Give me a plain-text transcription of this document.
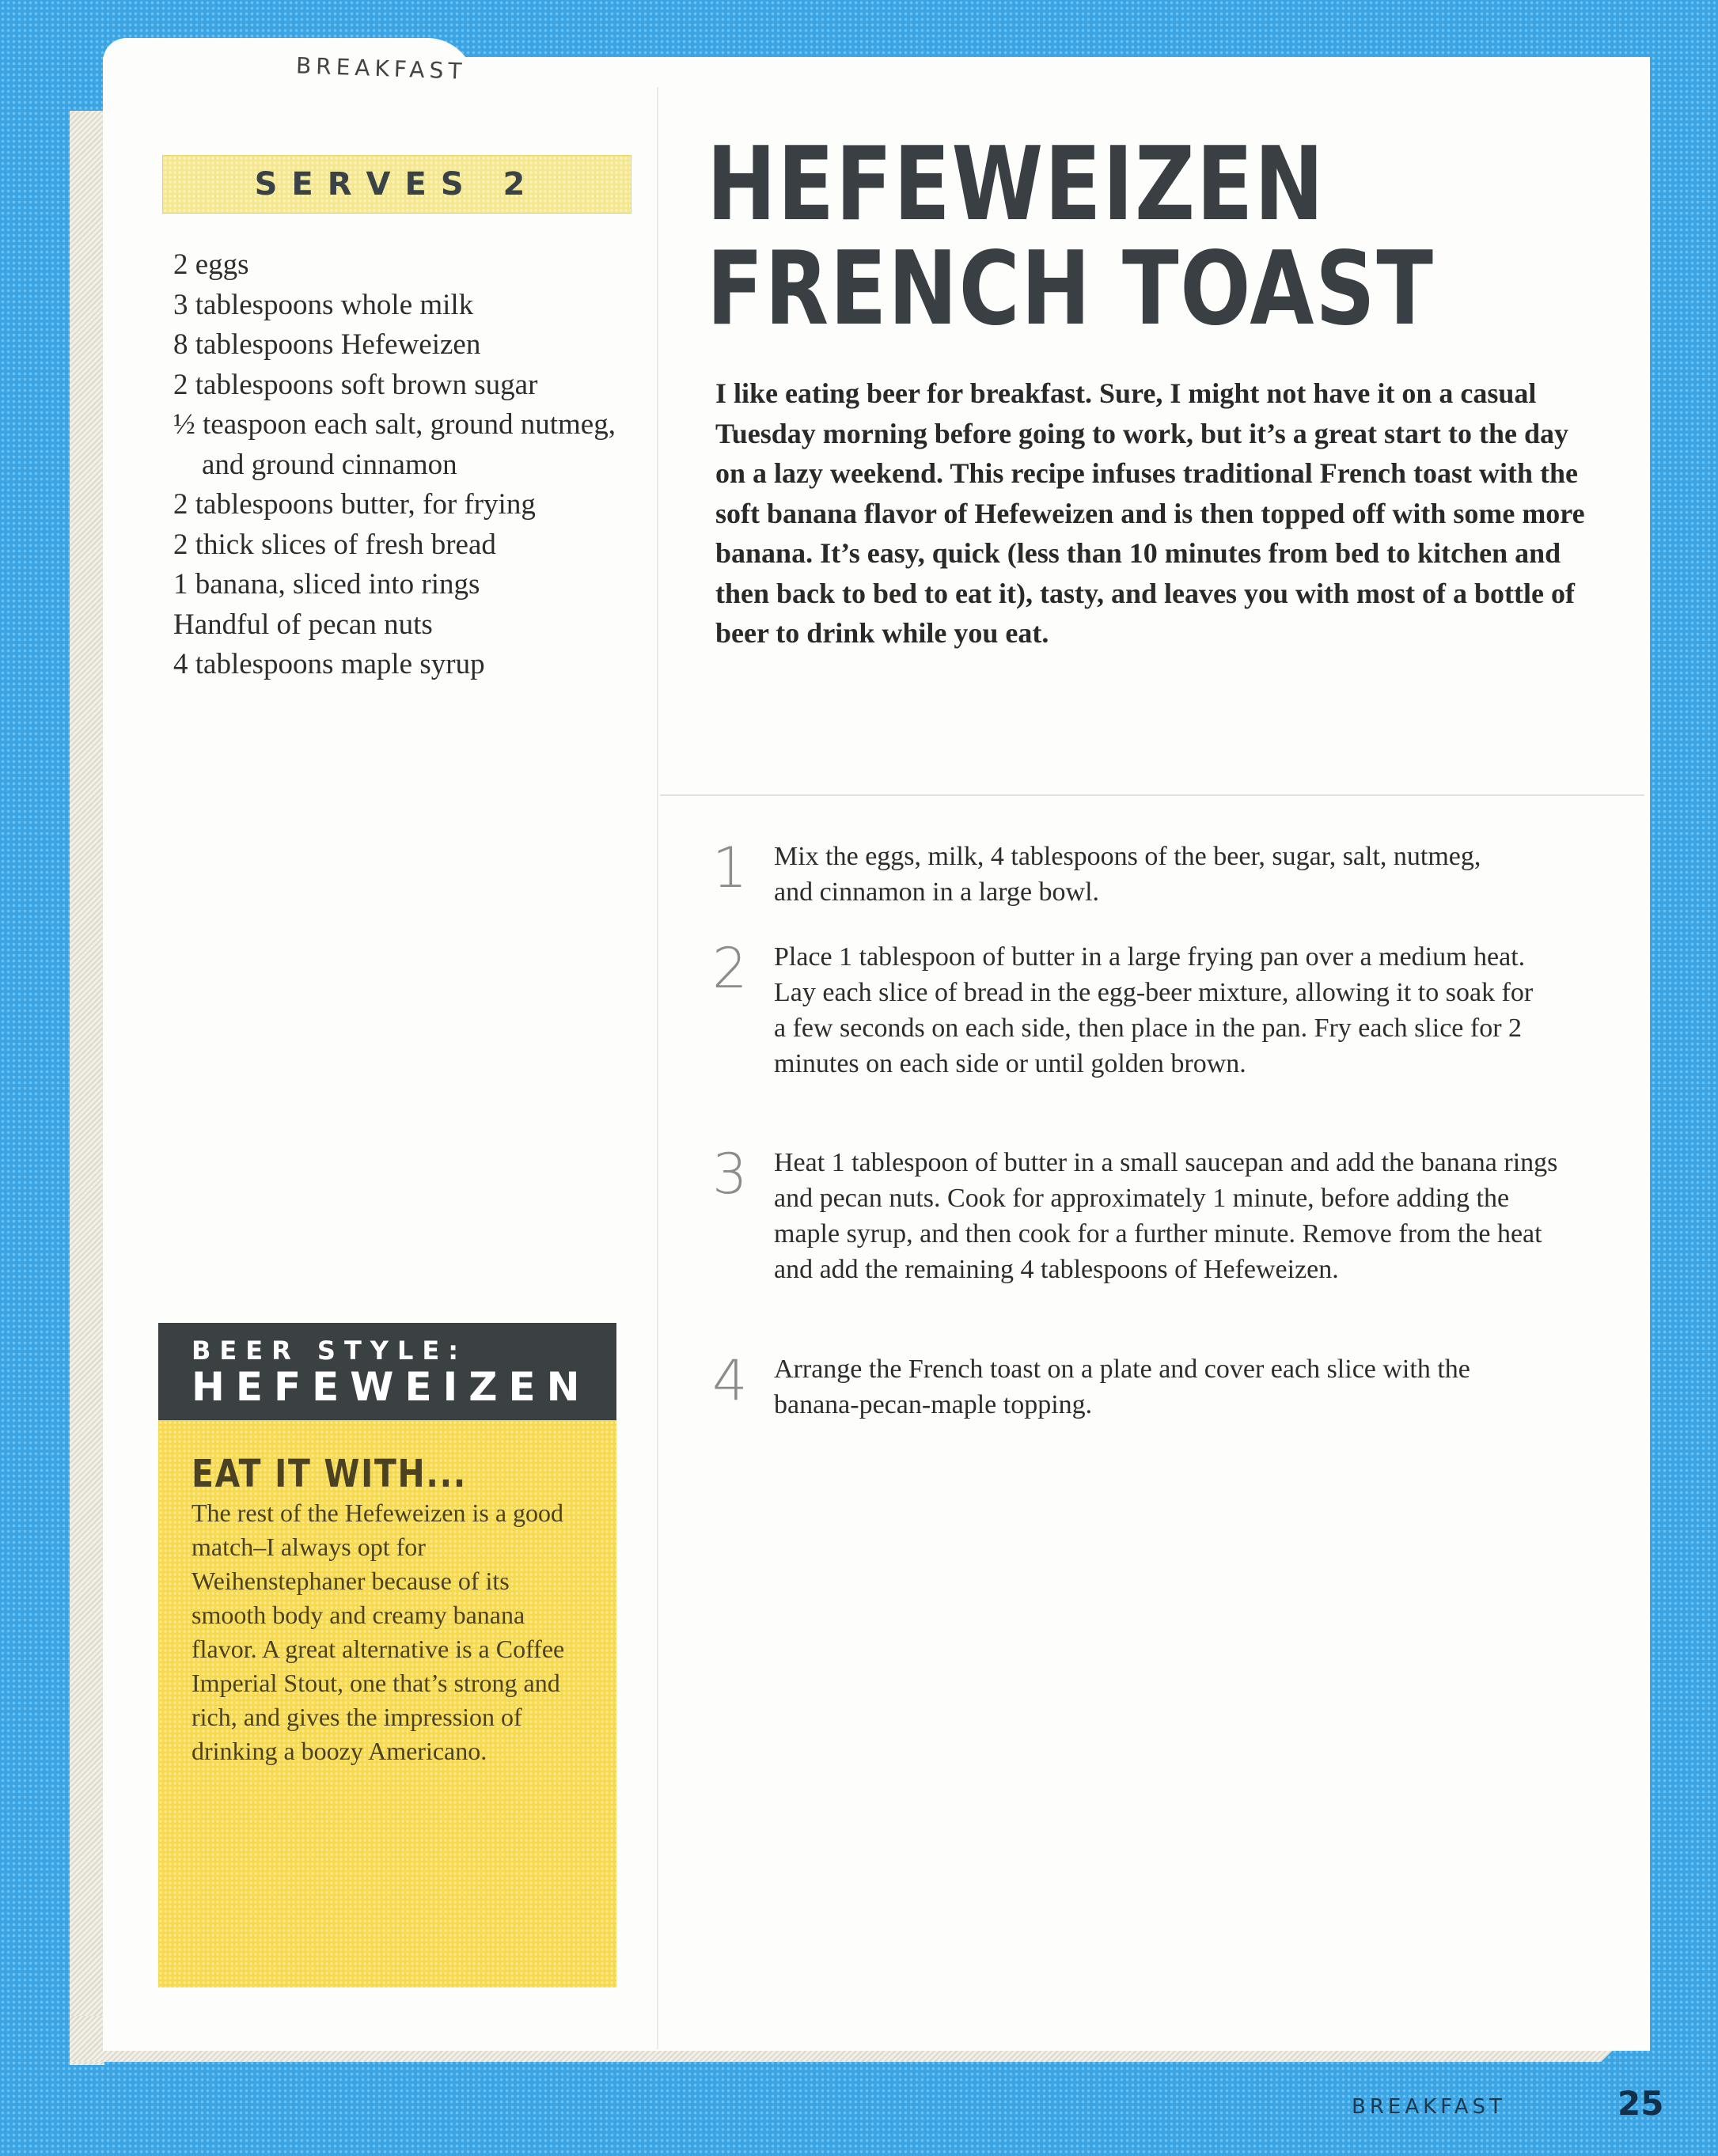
BREAKFAST
SERVES 2
2 eggs
3 tablespoons whole milk
8 tablespoons Hefeweizen
2 tablespoons soft brown sugar
½ teaspoon each salt, ground nutmeg, and ground cinnamon
2 tablespoons butter, for frying
2 thick slices of fresh bread
1 banana, sliced into rings
Handful of pecan nuts
4 tablespoons maple syrup
HEFEWEIZEN
FRENCH TOAST

I like eating beer for breakfast. Sure, I might not have it on a casual Tuesday morning before going to work, but it’s a great start to the day on a lazy weekend. This recipe infuses traditional French toast with the soft banana flavor of Hefeweizen and is then topped off with some more banana. It’s easy, quick (less than 10 minutes from bed to kitchen and then back to bed to eat it), tasty, and leaves you with most of a bottle of beer to drink while you eat.

1 Mix the eggs, milk, 4 tablespoons of the beer, sugar, salt, nutmeg, and cinnamon in a large bowl.
2 Place 1 tablespoon of butter in a large frying pan over a medium heat. Lay each slice of bread in the egg-beer mixture, allowing it to soak for a few seconds on each side, then place in the pan. Fry each slice for 2 minutes on each side or until golden brown.
3 Heat 1 tablespoon of butter in a small saucepan and add the banana rings and pecan nuts. Cook for approximately 1 minute, before adding the maple syrup, and then cook for a further minute. Remove from the heat and add the remaining 4 tablespoons of Hefeweizen.
4 Arrange the French toast on a plate and cover each slice with the banana-pecan-maple topping.
BEER STYLE:
HEFEWEIZEN
EAT IT WITH...

The rest of the Hefeweizen is a good match–I always opt for Weihenstephaner because of its smooth body and creamy banana flavor. A great alternative is a Coffee Imperial Stout, one that’s strong and rich, and gives the impression of drinking a boozy Americano.

BREAKFAST	25
